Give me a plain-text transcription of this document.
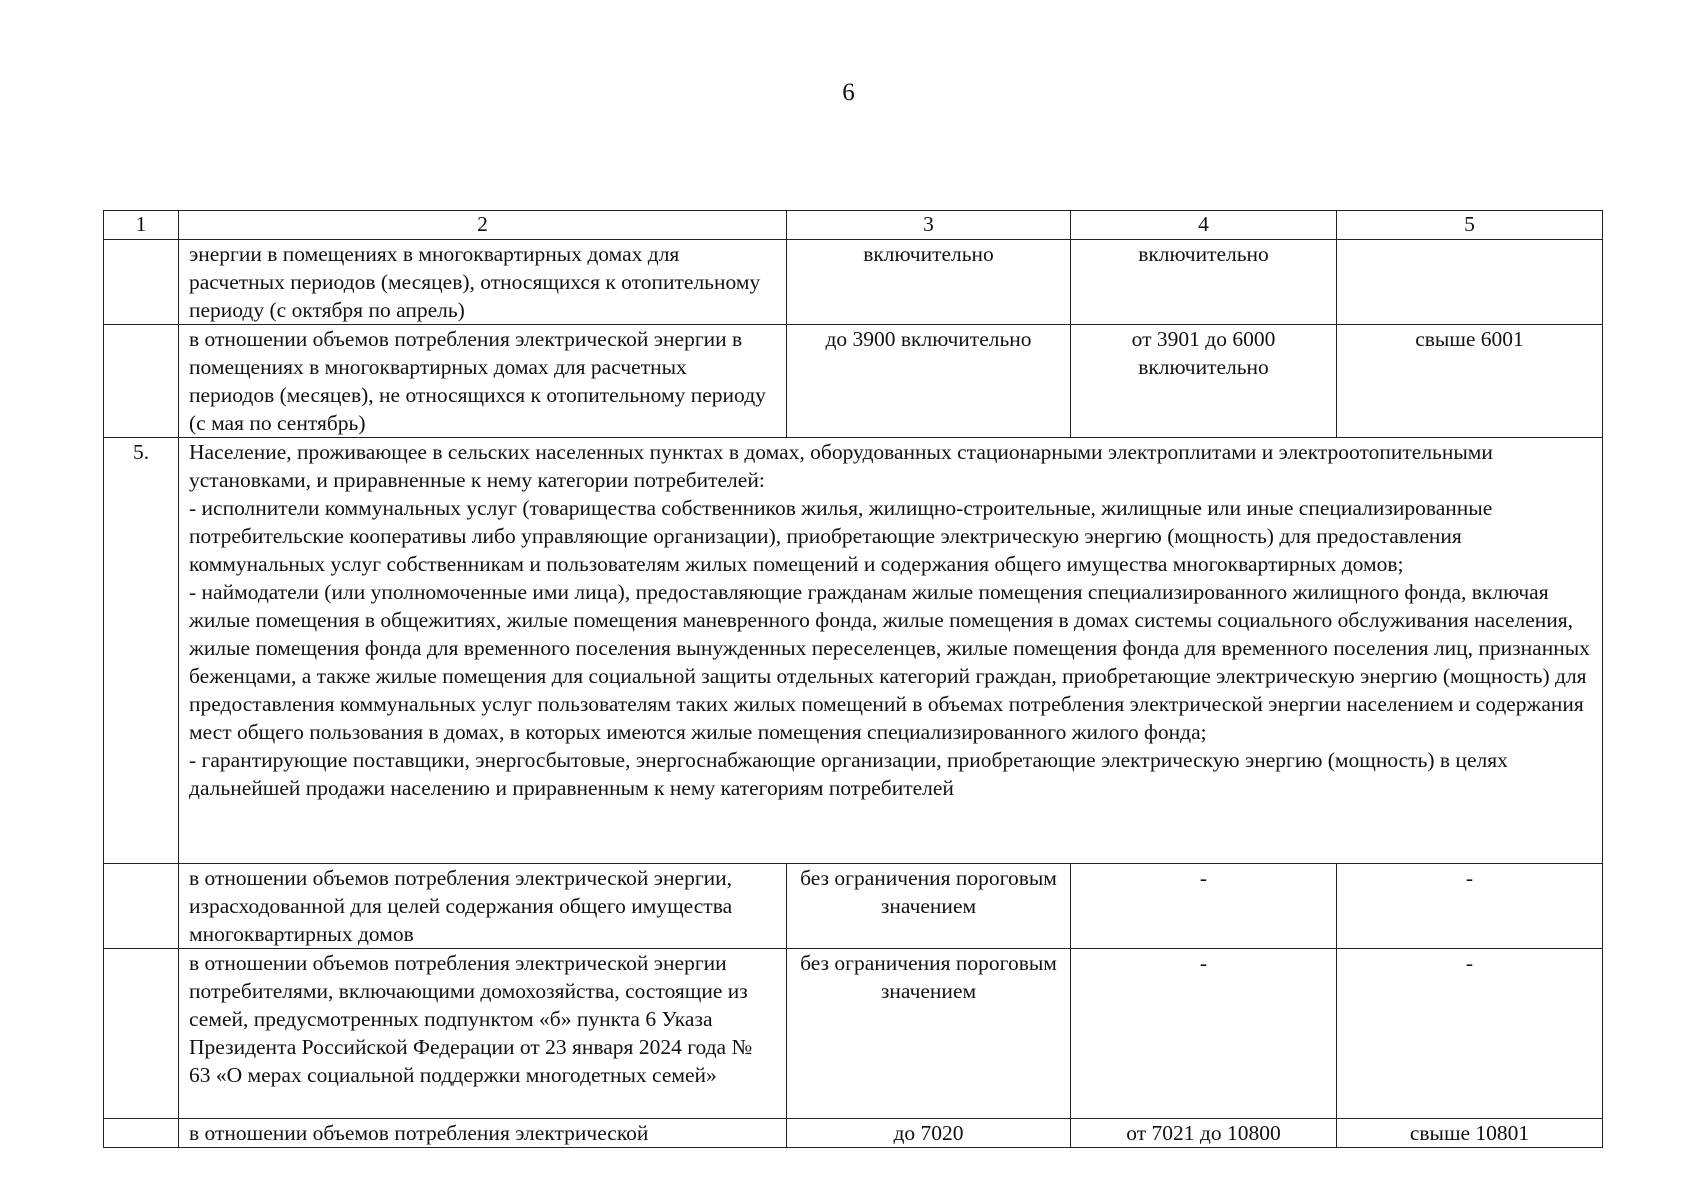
6
1	2	3	4	5
	энергии в помещениях в многоквартирных домах для расчетных периодов (месяцев), относящихся к отопительному периоду (с октября по апрель)	включительно	включительно	
	в отношении объемов потребления электрической энергии в помещениях в многоквартирных домах для расчетных периодов (месяцев), не относящихся к отопительному периоду (с мая по сентябрь)	до 3900 включительно	от 3901 до 6000 включительно	свыше 6001
5.	Население, проживающее в сельских населенных пунктах в домах, оборудованных стационарными электроплитами и электроотопительными установками, и приравненные к нему категории потребителей:
- исполнители коммунальных услуг (товарищества собственников жилья, жилищно-строительные, жилищные или иные специализированные потребительские кооперативы либо управляющие организации), приобретающие электрическую энергию (мощность) для предоставления коммунальных услуг собственникам и пользователям жилых помещений и содержания общего имущества многоквартирных домов;
- наймодатели (или уполномоченные ими лица), предоставляющие гражданам жилые помещения специализированного жилищного фонда, включая жилые помещения в общежитиях, жилые помещения маневренного фонда, жилые помещения в домах системы социального обслуживания населения, жилые помещения фонда для временного поселения вынужденных переселенцев, жилые помещения фонда для временного поселения лиц, признанных беженцами, а также жилые помещения для социальной защиты отдельных категорий граждан, приобретающие электрическую энергию (мощность) для предоставления коммунальных услуг пользователям таких жилых помещений в объемах потребления электрической энергии населением и содержания мест общего пользования в домах, в которых имеются жилые помещения специализированного жилого фонда;
- гарантирующие поставщики, энергосбытовые, энергоснабжающие организации, приобретающие электрическую энергию (мощность) в целях дальнейшей продажи населению и приравненным к нему категориям потребителей			
	в отношении объемов потребления электрической энергии, израсходованной для целей содержания общего имущества многоквартирных домов	без ограничения пороговым значением	-	-
	в отношении объемов потребления электрической энергии потребителями, включающими домохозяйства, состоящие из семей, предусмотренных подпунктом «б» пункта 6 Указа Президента Российской Федерации от 23 января 2024 года № 63 «О мерах социальной поддержки многодетных семей»	без ограничения пороговым значением	-	-
	в отношении объемов потребления электрической	до 7020	от 7021 до 10800	свыше 10801
